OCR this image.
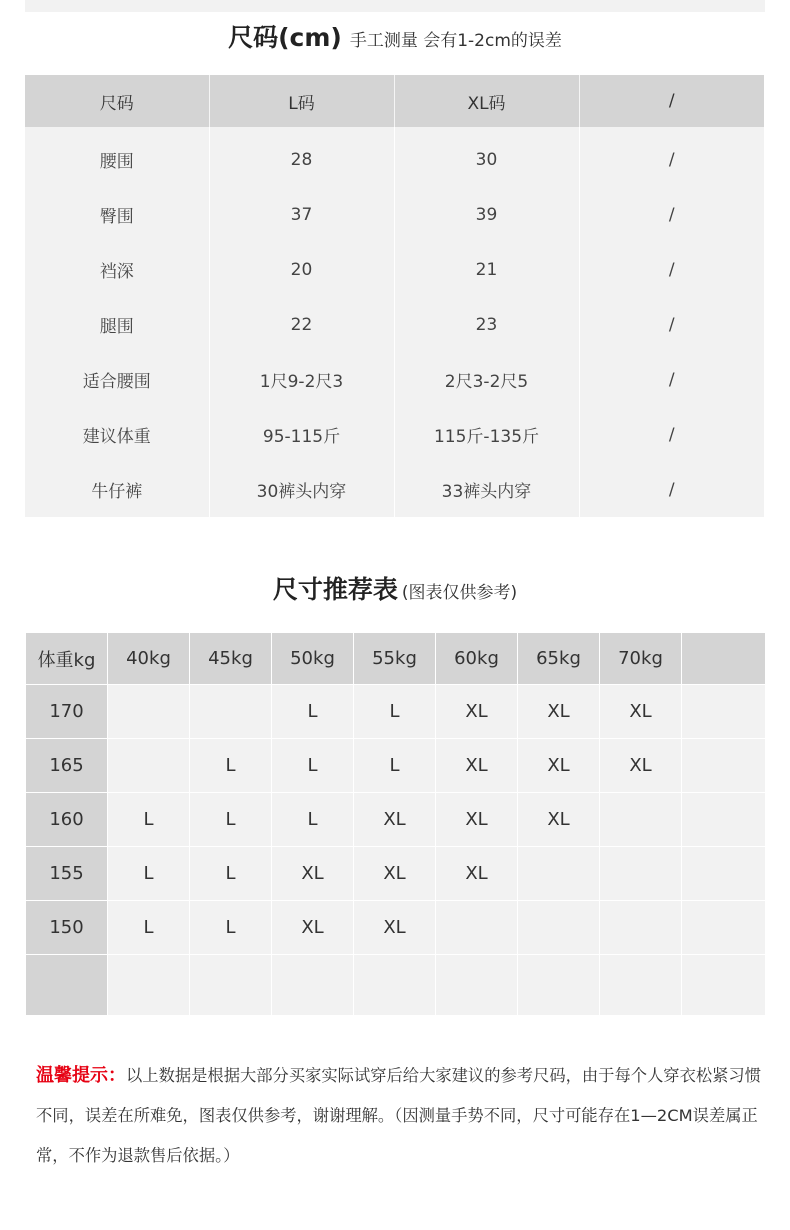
尺码(cm) 手工测量 会有1-2cm的误差
尺码	L码	XL码	/
腰围	28	30	/
臀围	37	39	/
裆深	20	21	/
腿围	22	23	/
适合腰围	1尺9-2尺3	2尺3-2尺5	/
建议体重	95-115斤	115斤-135斤	/
牛仔裤	30裤头内穿	33裤头内穿	/
尺寸推荐表 (图表仅供参考)
体重kg	40kg	45kg	50kg	55kg	60kg	65kg	70kg	
170			L	L	XL	XL	XL	
165		L	L	L	XL	XL	XL	
160	L	L	L	XL	XL	XL		
155	L	L	XL	XL	XL			
150	L	L	XL	XL				

温馨提示：以上数据是根据大部分买家实际试穿后给大家建议的参考尺码，由于每个人穿衣松紧习惯不同，误差在所难免，图表仅供参考，谢谢理解。（因测量手势不同，尺寸可能存在1—2CM误差属正常，不作为退款售后依据。）
